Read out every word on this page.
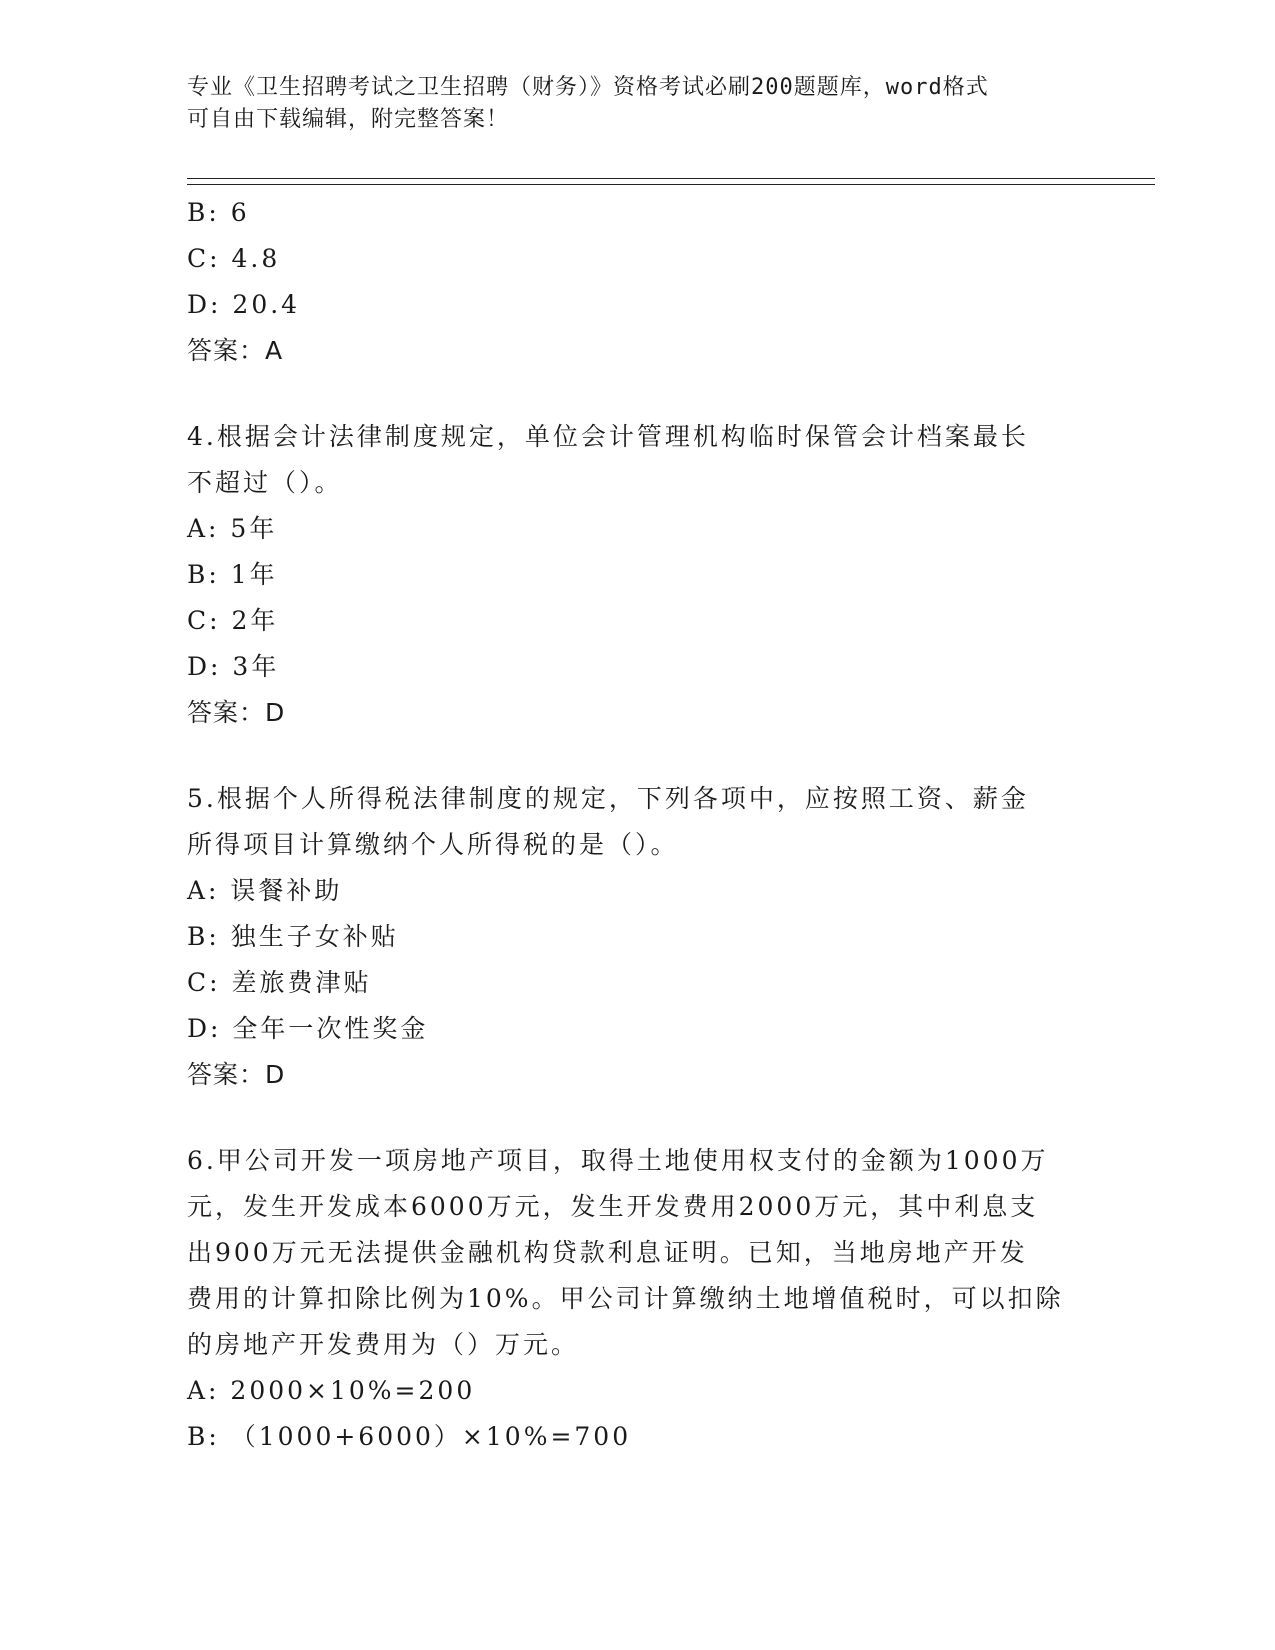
专业《卫生招聘考试之卫生招聘（财务）》资格考试必刷200题题库，word格式
可自由下载编辑，附完整答案！
B: 6
C: 4.8
D: 20.4
答案：A
4.根据会计法律制度规定，单位会计管理机构临时保管会计档案最长
不超过（）。
A: 5年
B: 1年
C: 2年
D: 3年
答案：D
5.根据个人所得税法律制度的规定，下列各项中，应按照工资、薪金
所得项目计算缴纳个人所得税的是（）。
A: 误餐补助
B: 独生子女补贴
C: 差旅费津贴
D: 全年一次性奖金
答案：D
6.甲公司开发一项房地产项目，取得土地使用权支付的金额为1000万
元，发生开发成本6000万元，发生开发费用2000万元，其中利息支
出900万元无法提供金融机构贷款利息证明。已知，当地房地产开发
费用的计算扣除比例为10%。甲公司计算缴纳土地增值税时，可以扣除
的房地产开发费用为（）万元。
A: 2000×10%=200
B: （1000+6000）×10%=700
